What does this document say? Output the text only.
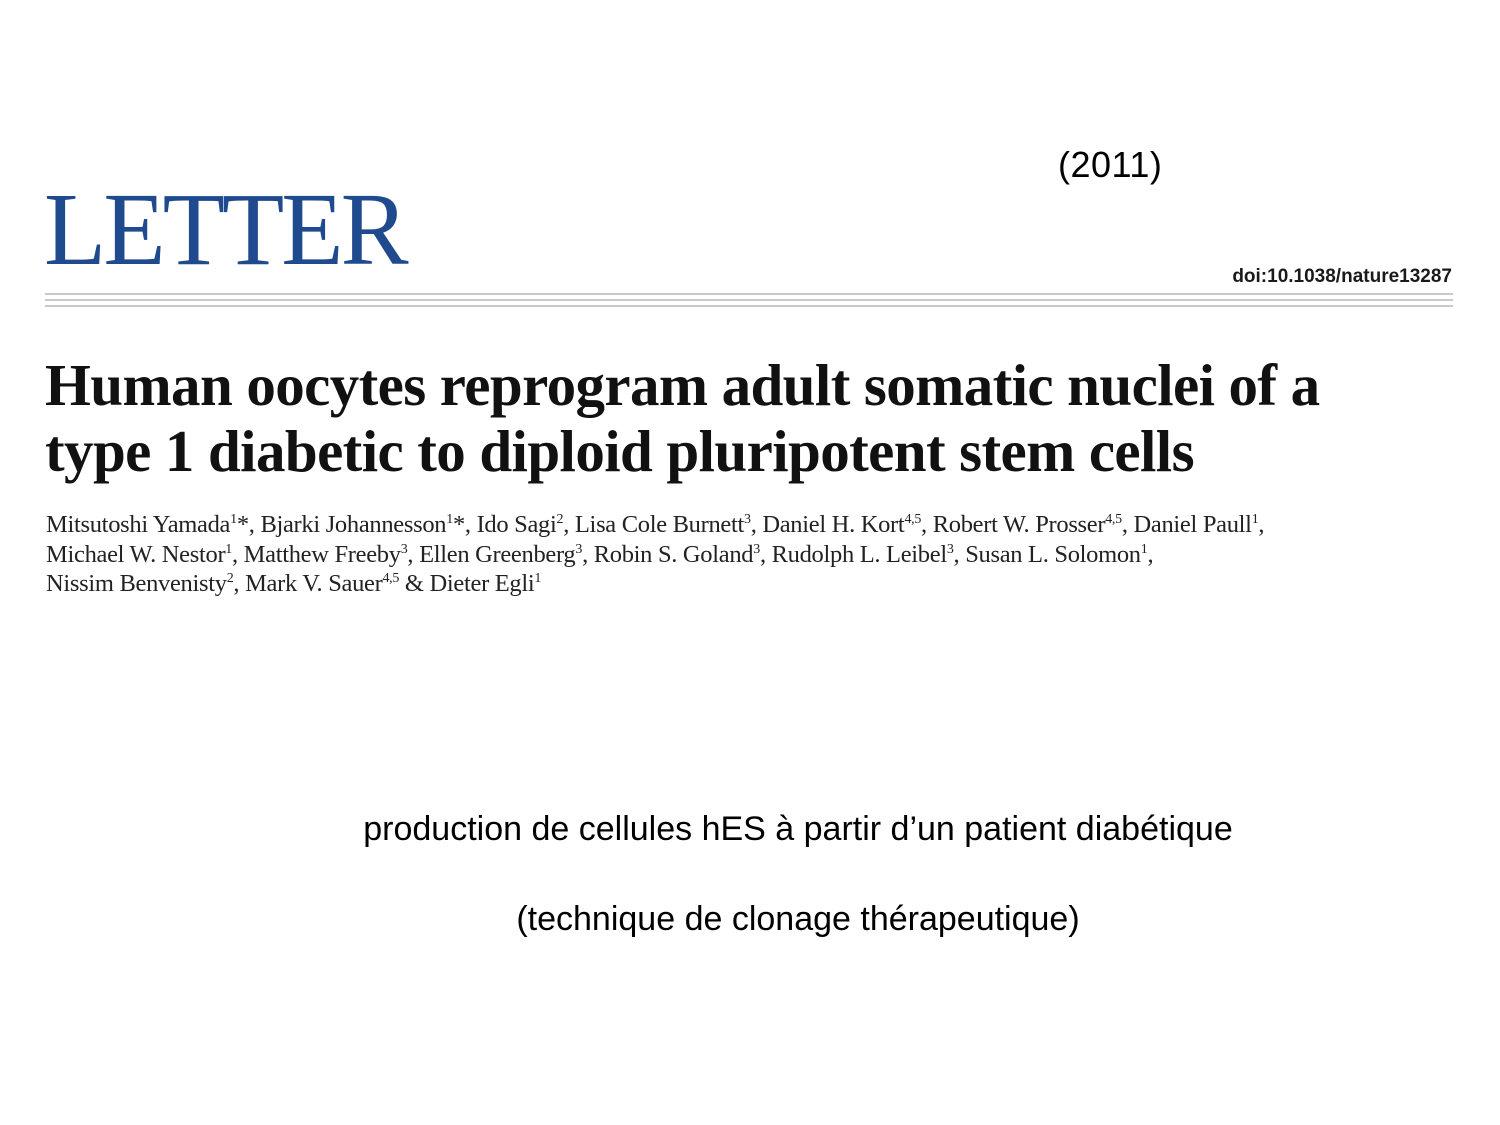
(2011)
LETTER	doi:10.1038/nature13287
Human oocytes reprogram adult somatic nuclei of a
type 1 diabetic to diploid pluripotent stem cells
Mitsutoshi Yamada$^1$*, Bjarki Johannesson$^1$*, Ido Sagi$^2$, Lisa Cole Burnett$^3$, Daniel H. Kort$^{4,5}$, Robert W. Prosser$^{4,5}$, Daniel Paull$^1$,
Michael W. Nestor$^1$, Matthew Freeby$^3$, Ellen Greenberg$^3$, Robin S. Goland$^3$, Rudolph L. Leibel$^3$, Susan L. Solomon$^1$,
Nissim Benvenisty$^2$, Mark V. Sauer$^{4,5}$ & Dieter Egli$^1$
production de cellules hES à partir d’un patient diabétique
(technique de clonage thérapeutique)
